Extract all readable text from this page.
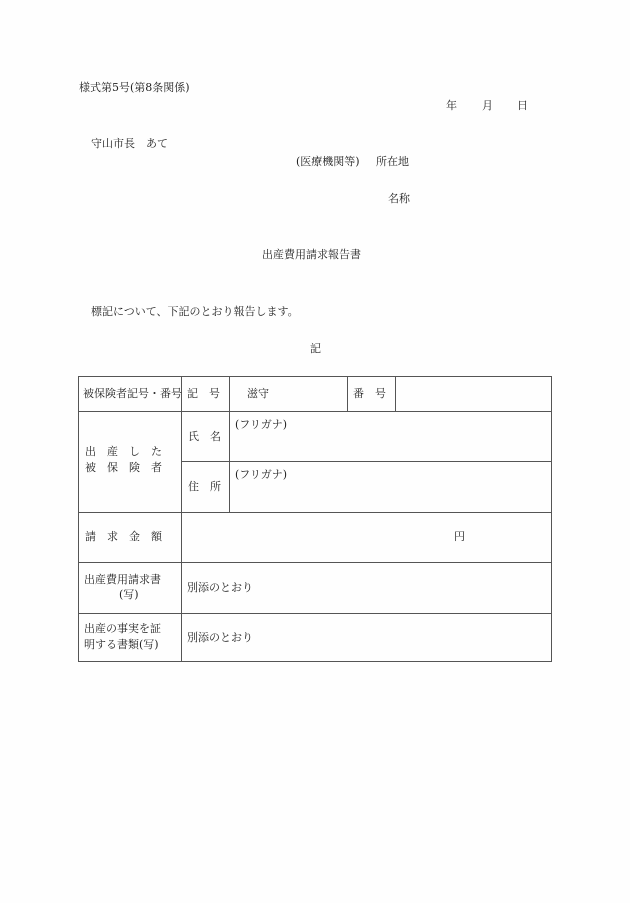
様式第5号(第8条関係)
年 月 日
守山市長　あて
(医療機関等) 所在地
名称
出産費用請求報告書
標記について、下記のとおり報告します。
記
被保険者記号・番号 記　号 滋守	番　号
出　産　し　た
被　保　険　者
氏　名
(フリガナ)
住　所
(フリガナ)
請　求　金　額	円
出産費用請求書
(写)
別添のとおり
出産の事実を証
明する書類(写)
別添のとおり
